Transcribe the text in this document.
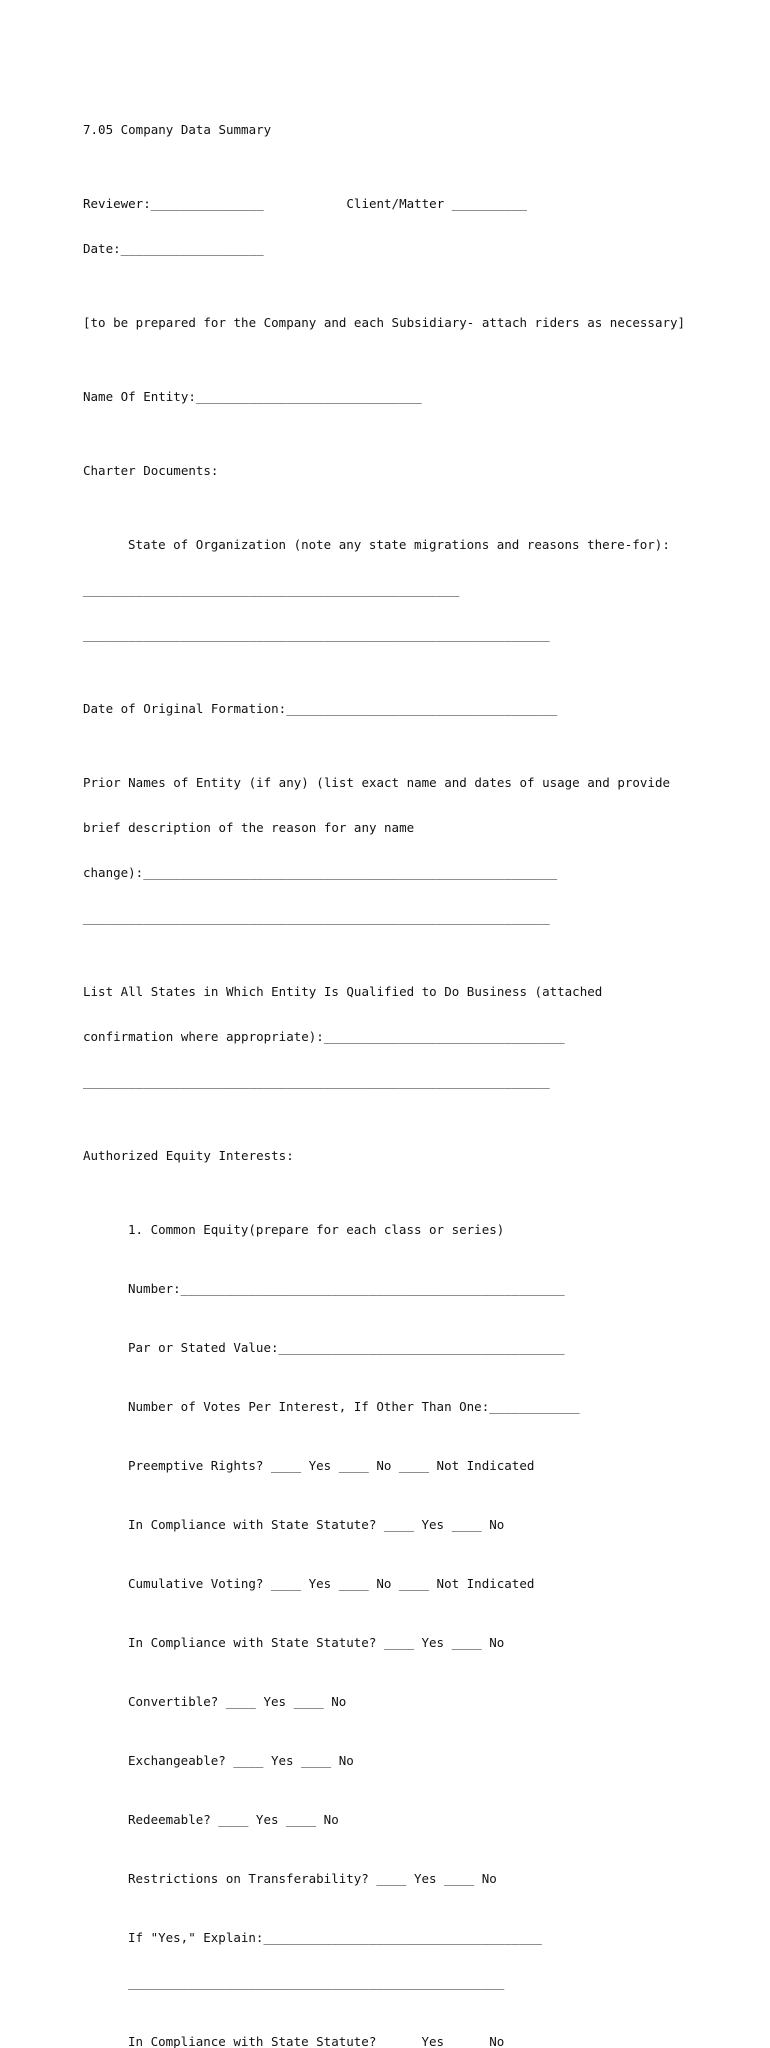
7.05 Company Data Summary

Reviewer:_______________           Client/Matter __________

Date:___________________

[to be prepared for the Company and each Subsidiary- attach riders as necessary]

Name Of Entity:______________________________

Charter Documents:

State of Organization (note any state migrations and reasons there-for):

__________________________________________________

______________________________________________________________

Date of Original Formation:____________________________________

Prior Names of Entity (if any) (list exact name and dates of usage and provide

brief description of the reason for any name

change):_______________________________________________________

______________________________________________________________

List All States in Which Entity Is Qualified to Do Business (attached

confirmation where appropriate):________________________________

______________________________________________________________

Authorized Equity Interests:

1. Common Equity(prepare for each class or series)

Number:___________________________________________________

Par or Stated Value:______________________________________

Number of Votes Per Interest, If Other Than One:____________

Preemptive Rights? ____ Yes ____ No ____ Not Indicated

In Compliance with State Statute? ____ Yes ____ No

Cumulative Voting? ____ Yes ____ No ____ Not Indicated

In Compliance with State Statute? ____ Yes ____ No

Convertible? ____ Yes ____ No

Exchangeable? ____ Yes ____ No

Redeemable? ____ Yes ____ No

Restrictions on Transferability? ____ Yes ____ No

If "Yes," Explain:_____________________________________

__________________________________________________

In Compliance with State Statute? ____ Yes ____ No
